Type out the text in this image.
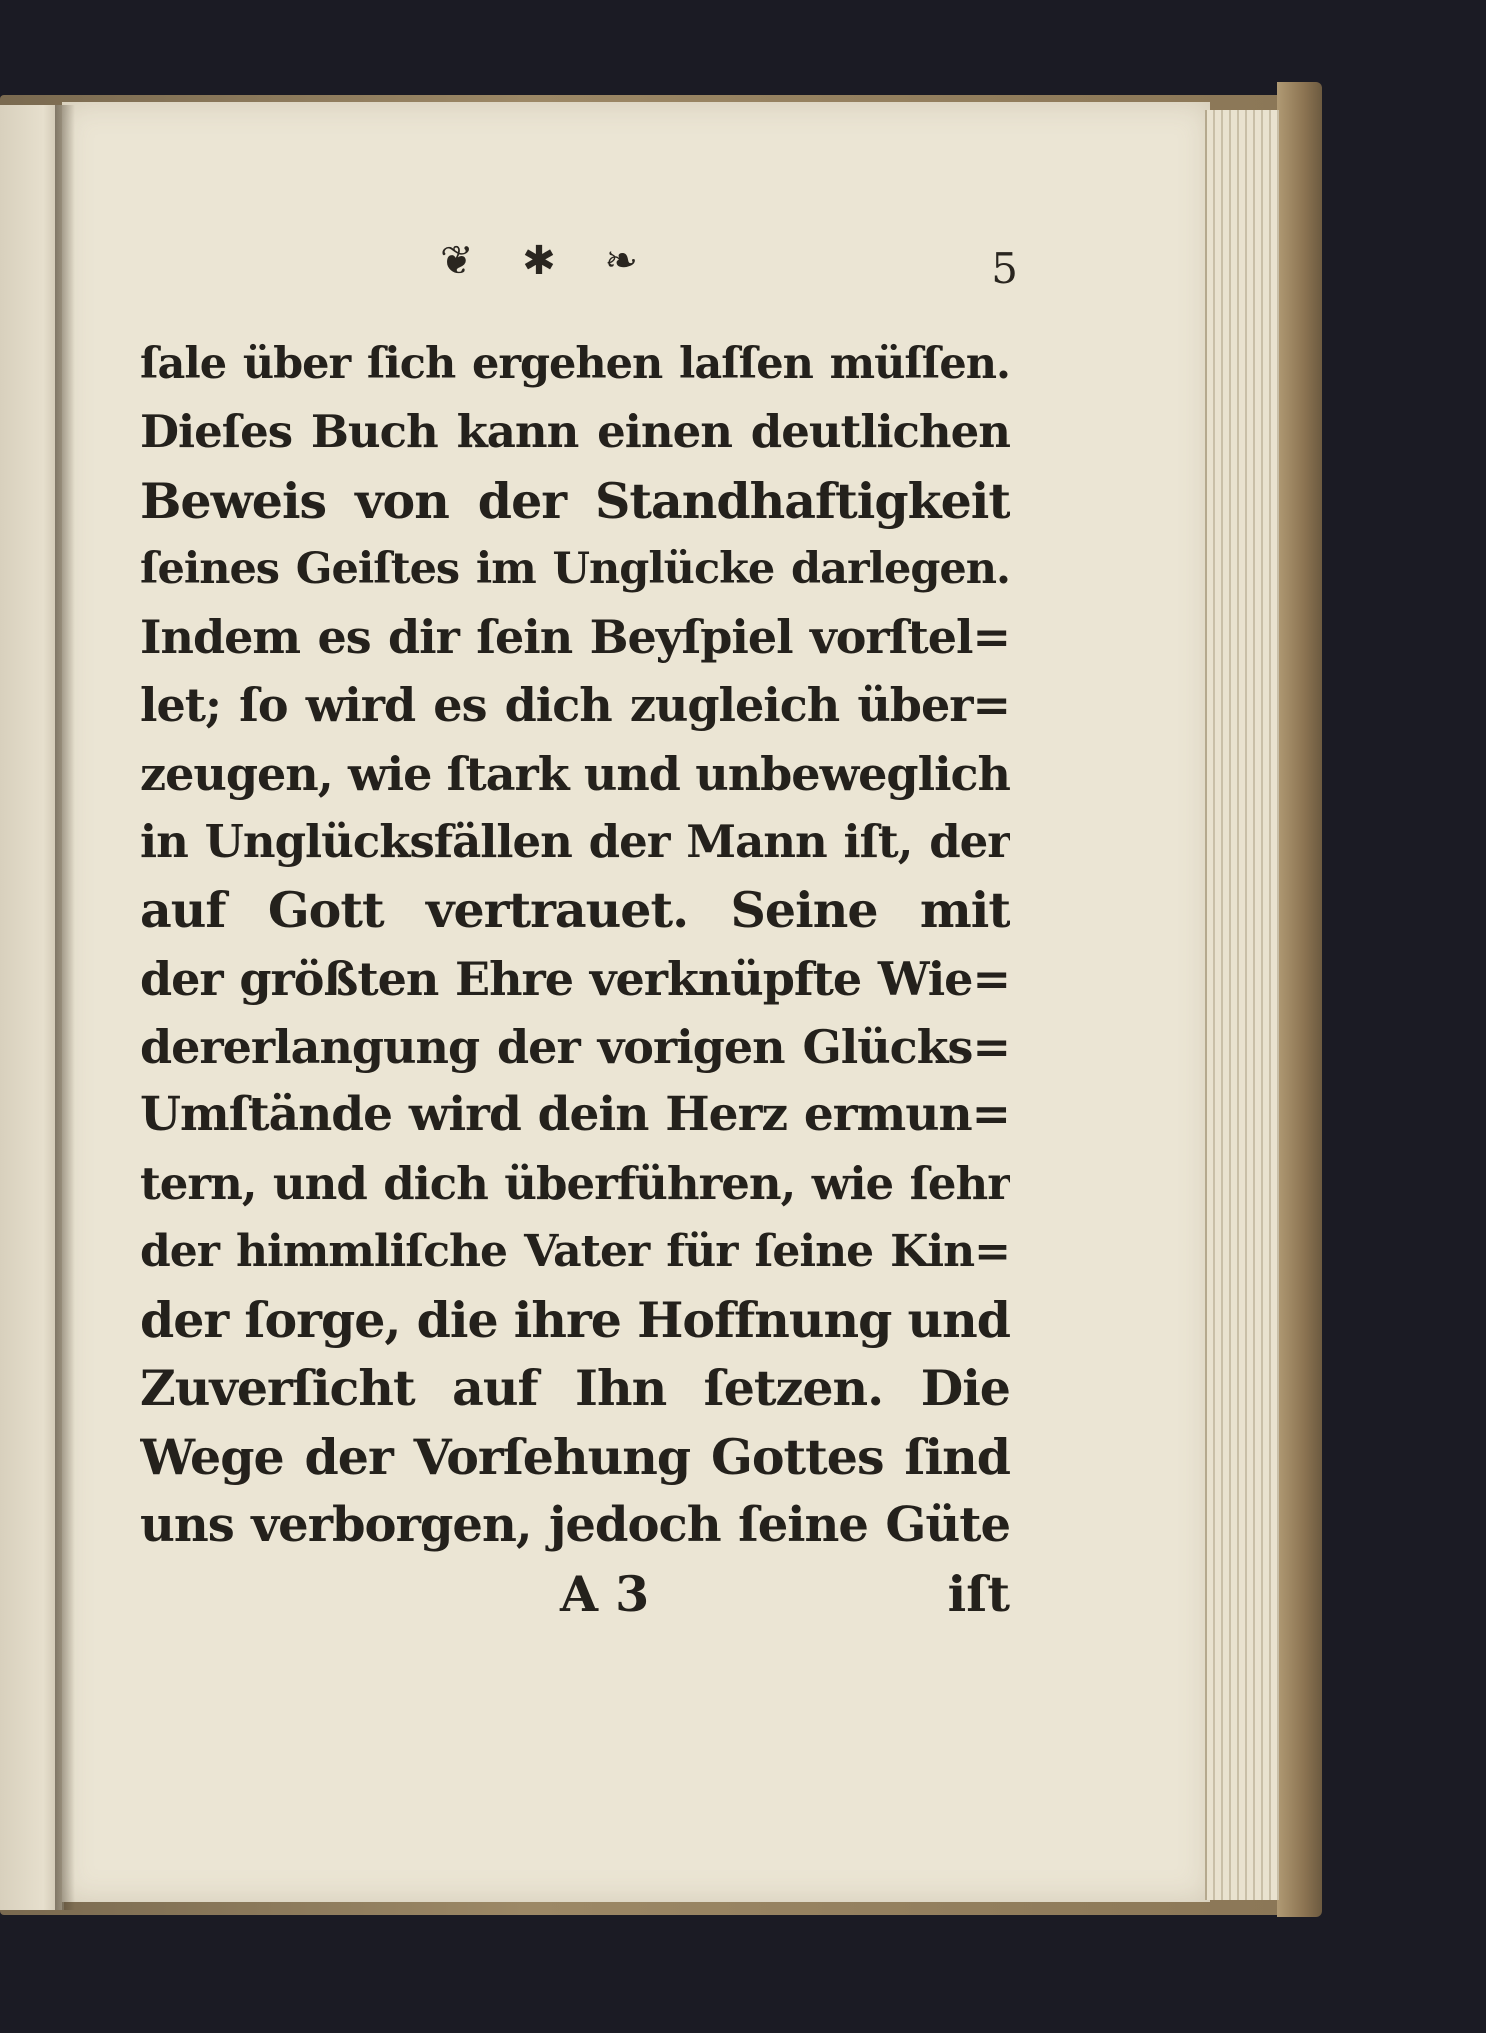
❦ ✱ ❧	5
ſale über ſich ergehen laſſen müſſen.
Dieſes Buch kann einen deutlichen
Beweis von der Standhaftigkeit
ſeines Geiſtes im Unglücke darlegen.
Indem es dir ſein Beyſpiel vorſtel=
let; ſo wird es dich zugleich über=
zeugen, wie ſtark und unbeweglich
in Unglücksfällen der Mann iſt, der
auf Gott vertrauet. Seine mit
der größten Ehre verknüpfte Wie=
dererlangung der vorigen Glücks=
Umſtände wird dein Herz ermun=
tern, und dich überführen, wie ſehr
der himmliſche Vater für ſeine Kin=
der ſorge, die ihre Hoffnung und
Zuverſicht auf Ihn ſetzen. Die
Wege der Vorſehung Gottes ſind
uns verborgen, jedoch ſeine Güte
A 3	iſt
